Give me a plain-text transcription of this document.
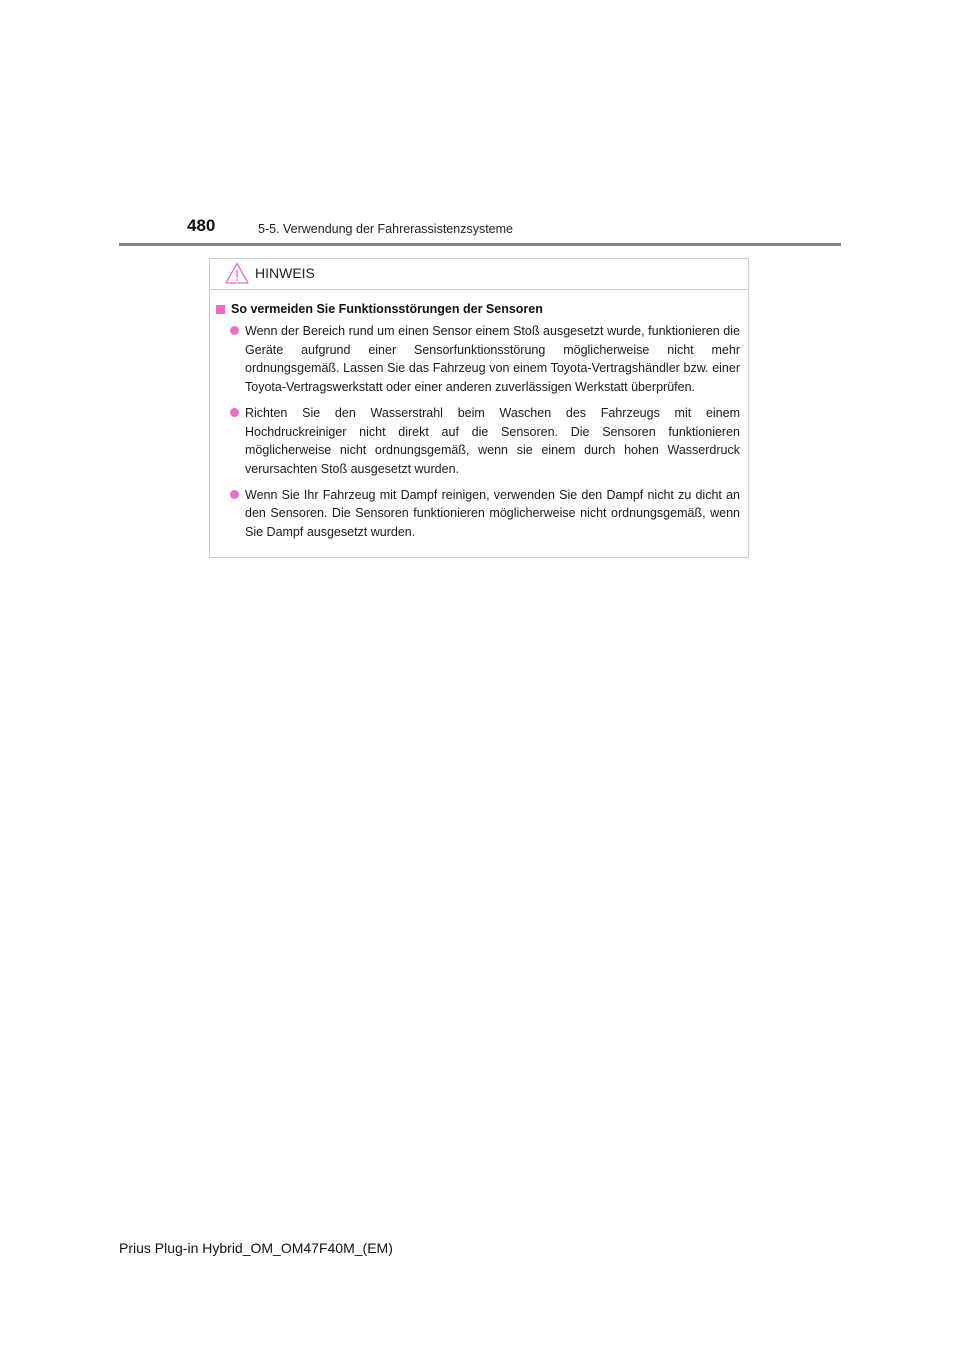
480	5-5. Verwendung der Fahrerassistenzsysteme
HINWEIS
So vermeiden Sie Funktionsstörungen der Sensoren
Wenn der Bereich rund um einen Sensor einem Stoß ausgesetzt wurde, funktionieren die Geräte aufgrund einer Sensorfunktionsstörung möglicherweise nicht mehr ordnungsgemäß. Lassen Sie das Fahrzeug von einem Toyota-Vertragshändler bzw. einer Toyota-Vertragswerkstatt oder einer anderen zuverlässigen Werkstatt überprüfen.
Richten Sie den Wasserstrahl beim Waschen des Fahrzeugs mit einem Hochdruckreiniger nicht direkt auf die Sensoren. Die Sensoren funktionieren möglicherweise nicht ordnungsgemäß, wenn sie einem durch hohen Wasserdruck verursachten Stoß ausgesetzt wurden.
Wenn Sie Ihr Fahrzeug mit Dampf reinigen, verwenden Sie den Dampf nicht zu dicht an den Sensoren. Die Sensoren funktionieren möglicherweise nicht ordnungsgemäß, wenn Sie Dampf ausgesetzt wurden.
Prius Plug-in Hybrid_OM_OM47F40M_(EM)
